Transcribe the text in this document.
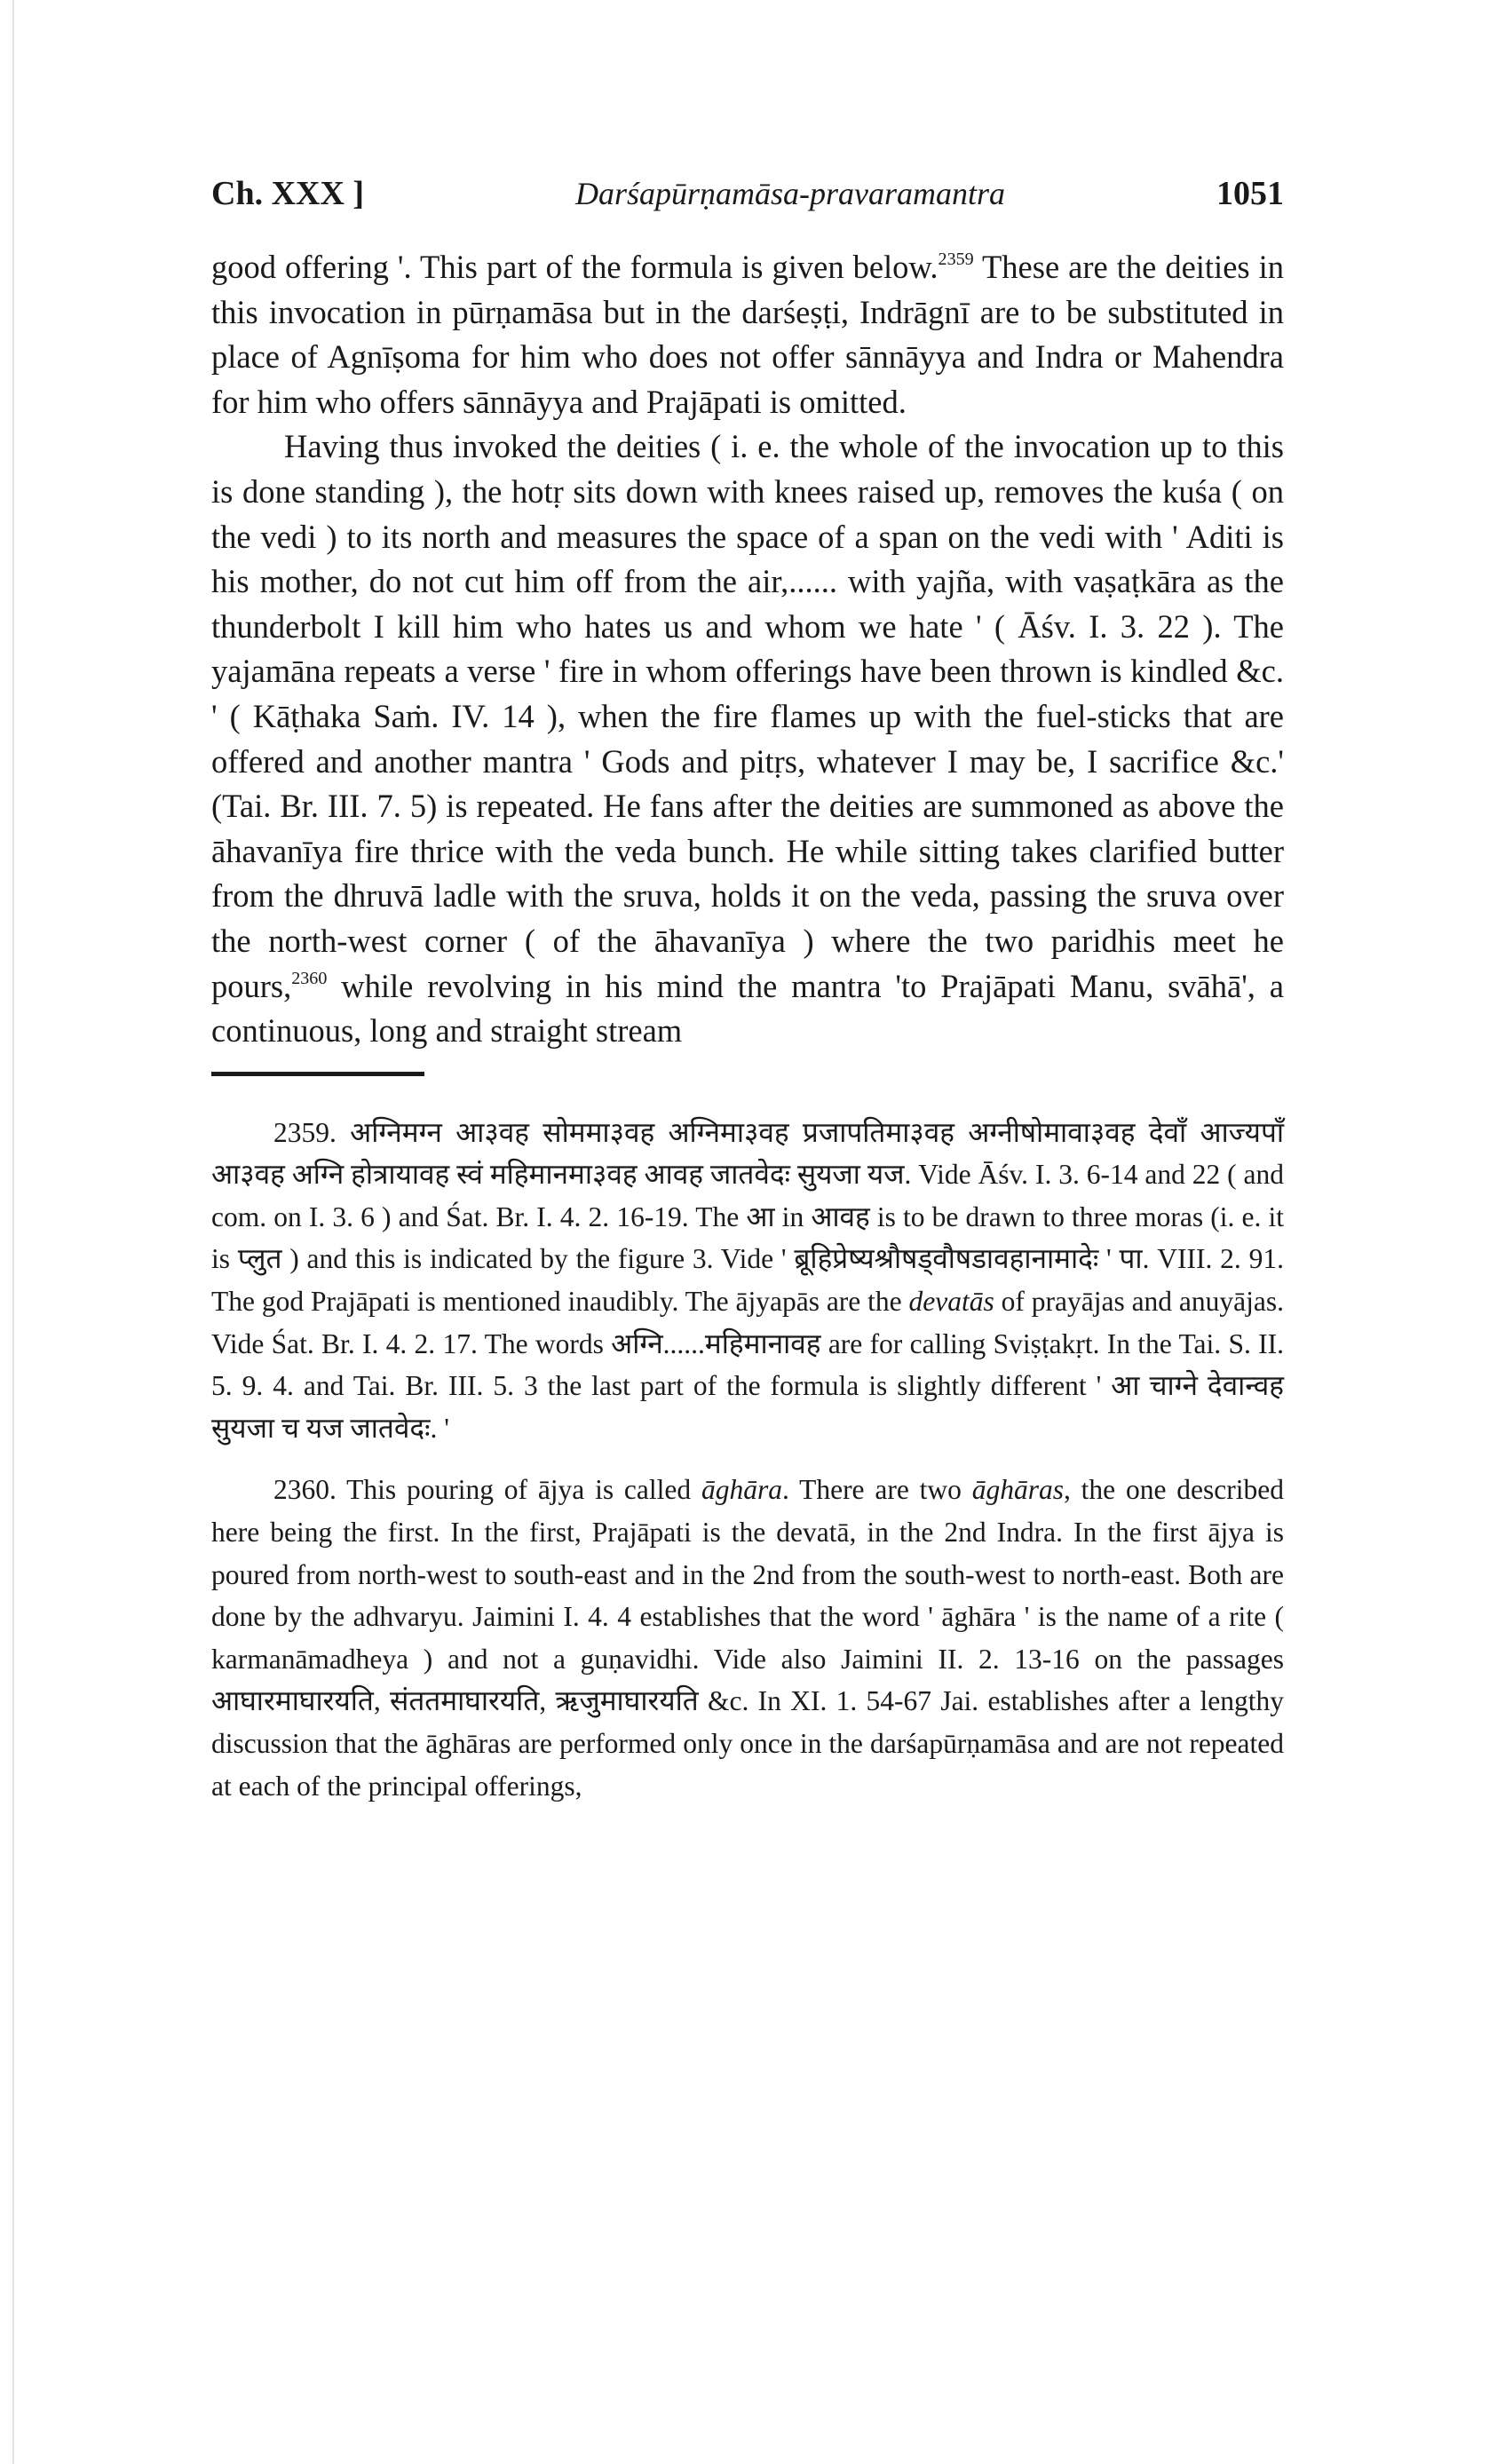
Ch. XXX ]	Darśapūrṇamāsa-pravaramantra	1051

good offering '. This part of the formula is given below.$^{2359}$ These are the deities in this invocation in pūrṇamāsa but in the darśeṣṭi, Indrāgnī are to be substituted in place of Agnīṣoma for him who does not offer sānnāyya and Indra or Mahendra for him who offers sānnāyya and Prajāpati is omitted.

Having thus invoked the deities ( i. e. the whole of the invocation up to this is done standing ), the hotṛ sits down with knees raised up, removes the kuśa ( on the vedi ) to its north and measures the space of a span on the vedi with ' Aditi is his mother, do not cut him off from the air,...... with yajña, with vaṣaṭkāra as the thunderbolt I kill him who hates us and whom we hate ' ( Āśv. I. 3. 22 ). The yajamāna repeats a verse ' fire in whom offerings have been thrown is kindled &c. ' ( Kāṭhaka Saṁ. IV. 14 ), when the fire flames up with the fuel-sticks that are offered and another mantra ' Gods and pitṛs, whatever I may be, I sacrifice &c.' (Tai. Br. III. 7. 5) is repeated. He fans after the deities are summoned as above the āhavanīya fire thrice with the veda bunch. He while sitting takes clarified butter from the dhruvā ladle with the sruva, holds it on the veda, passing the sruva over the north-west corner ( of the āhavanīya ) where the two paridhis meet he pours,$^{2360}$ while revolving in his mind the mantra 'to Prajāpati Manu, svāhā', a continuous, long and straight stream

2359. अग्निमग्न आ३वह सोममा३वह अग्निमा३वह प्रजापतिमा३वह अग्नीषोमावा३वह देवाँ आज्यपाँ आ३वह अग्नि होत्रायावह स्वं महिमानमा३वह आवह जातवेदः सुयजा यज. Vide Āśv. I. 3. 6-14 and 22 ( and com. on I. 3. 6 ) and Śat. Br. I. 4. 2. 16-19. The आ in आवह is to be drawn to three moras (i. e. it is प्लुत ) and this is indicated by the figure 3. Vide ' ब्रूहिप्रेष्यश्रौषड्वौषडावहानामादेः ' पा. VIII. 2. 91. The god Prajāpati is mentioned inaudibly. The ājyapās are the devatās of prayājas and anuyājas. Vide Śat. Br. I. 4. 2. 17. The words अग्नि......महिमानावह are for calling Sviṣṭakṛt. In the Tai. S. II. 5. 9. 4. and Tai. Br. III. 5. 3 the last part of the formula is slightly different ' आ चाग्ने देवान्वह सुयजा च यज जातवेदः. '

2360. This pouring of ājya is called āghāra. There are two āghāras, the one described here being the first. In the first, Prajāpati is the devatā, in the 2nd Indra. In the first ājya is poured from north-west to south-east and in the 2nd from the south-west to north-east. Both are done by the adhvaryu. Jaimini I. 4. 4 establishes that the word ' āghāra ' is the name of a rite ( karmanāmadheya ) and not a guṇavidhi. Vide also Jaimini II. 2. 13-16 on the passages आघारमाघारयति, संततमाघारयति, ऋजुमाघारयति &c. In XI. 1. 54-67 Jai. establishes after a lengthy discussion that the āghāras are performed only once in the darśapūrṇamāsa and are not repeated at each of the principal offerings,
